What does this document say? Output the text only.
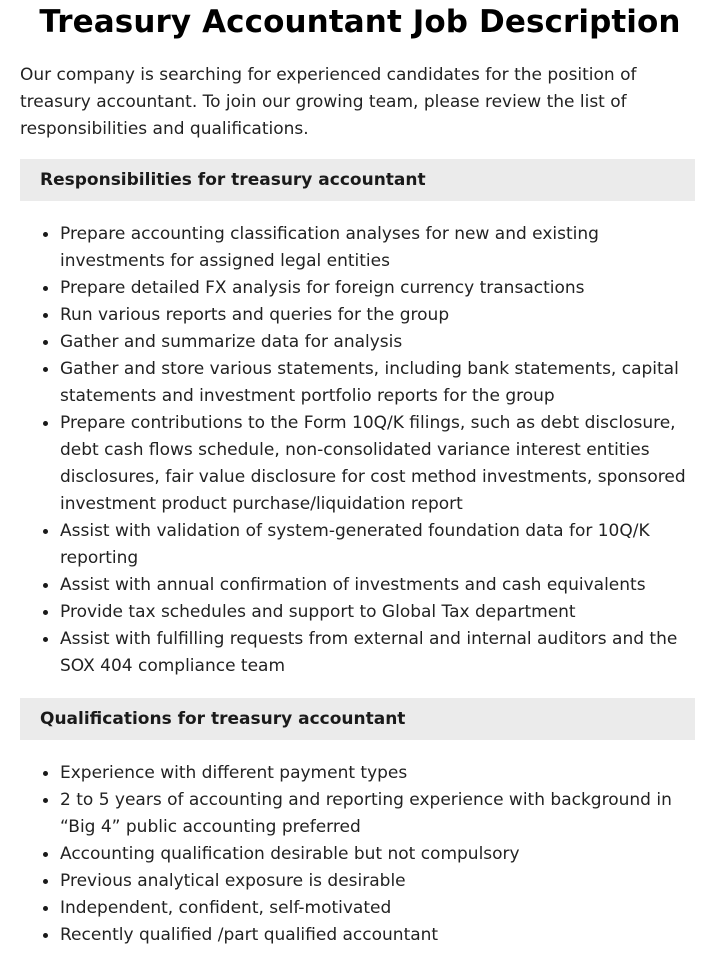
Treasury Accountant Job Description

Our company is searching for experienced candidates for the position of treasury accountant. To join our growing team, please review the list of responsibilities and qualifications.

Responsibilities for treasury accountant
Prepare accounting classification analyses for new and existing investments for assigned legal entities
Prepare detailed FX analysis for foreign currency transactions
Run various reports and queries for the group
Gather and summarize data for analysis
Gather and store various statements, including bank statements, capital statements and investment portfolio reports for the group
Prepare contributions to the Form 10Q/K filings, such as debt disclosure, debt cash flows schedule, non-consolidated variance interest entities disclosures, fair value disclosure for cost method investments, sponsored investment product purchase/liquidation report
Assist with validation of system-generated foundation data for 10Q/K reporting
Assist with annual confirmation of investments and cash equivalents
Provide tax schedules and support to Global Tax department
Assist with fulfilling requests from external and internal auditors and the SOX 404 compliance team
Qualifications for treasury accountant
Experience with different payment types
2 to 5 years of accounting and reporting experience with background in “Big 4” public accounting preferred
Accounting qualification desirable but not compulsory
Previous analytical exposure is desirable
Independent, confident, self-motivated
Recently qualified /part qualified accountant
